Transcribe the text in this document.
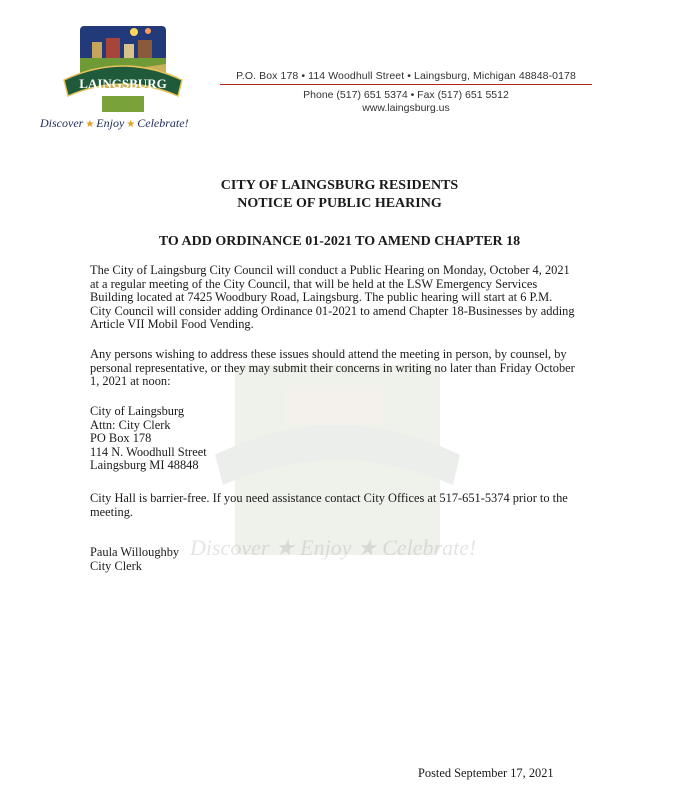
LAINGSBURG
Discover ★ Enjoy ★ Celebrate!
P.O. Box 178 • 114 Woodhull Street • Laingsburg, Michigan 48848-0178
Phone (517) 651 5374 • Fax (517) 651 5512
www.laingsburg.us
Discover ★ Enjoy ★ Celebrate!
CITY OF LAINGSBURG RESIDENTS
NOTICE OF PUBLIC HEARING
TO ADD ORDINANCE 01-2021 TO AMEND CHAPTER 18
The City of Laingsburg City Council will conduct a Public Hearing on Monday, October 4, 2021
at a regular meeting of the City Council, that will be held at the LSW Emergency Services
Building located at 7425 Woodbury Road, Laingsburg. The public hearing will start at 6 P.M.
City Council will consider adding Ordinance 01-2021 to amend Chapter 18-Businesses by adding
Article VII Mobil Food Vending.
Any persons wishing to address these issues should attend the meeting in person, by counsel, by
personal representative, or they may submit their concerns in writing no later than Friday October
1, 2021 at noon:
City of Laingsburg
Attn: City Clerk
PO Box 178
114 N. Woodhull Street
Laingsburg MI 48848
City Hall is barrier-free. If you need assistance contact City Offices at 517-651-5374 prior to the
meeting.
Paula Willoughby
City Clerk
Posted September 17, 2021
